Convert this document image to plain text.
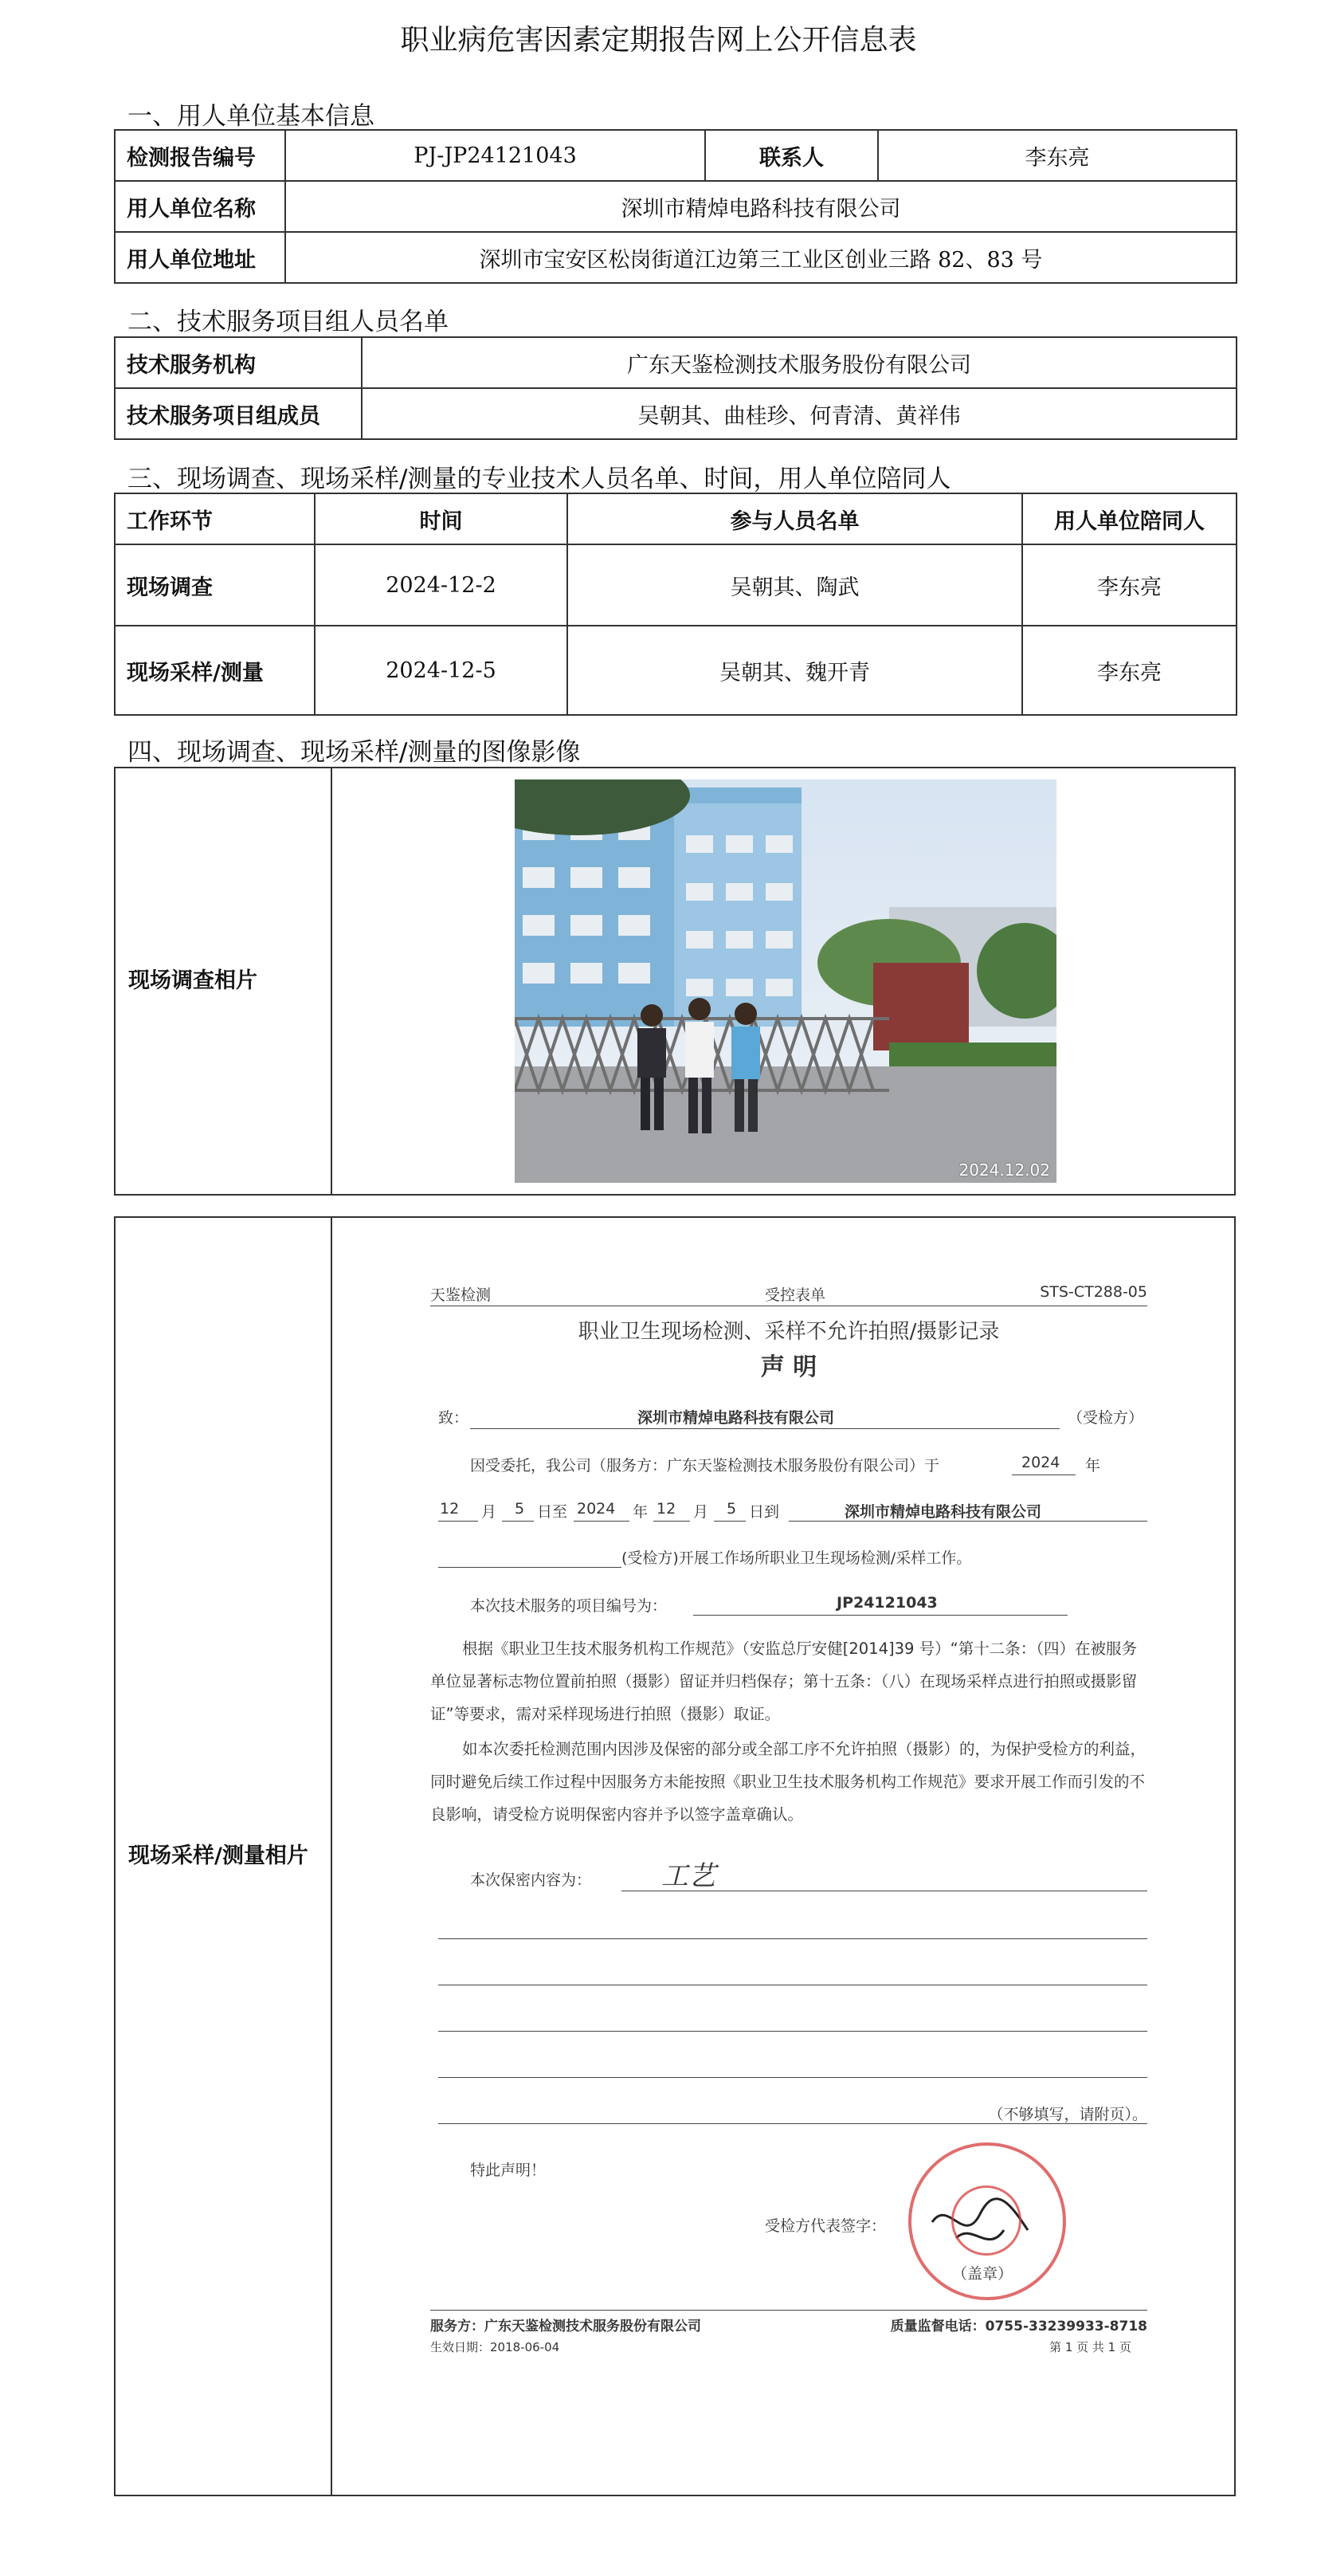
职业病危害因素定期报告网上公开信息表
一、用人单位基本信息
检测报告编号	PJ-JP24121043	联系人	李东亮
用人单位名称	深圳市精焯电路科技有限公司		
用人单位地址	深圳市宝安区松岗街道江边第三工业区创业三路 82、83 号		
二、技术服务项目组人员名单
技术服务机构	广东天鉴检测技术服务股份有限公司
技术服务项目组成员	吴朝其、曲桂珍、何青清、黄祥伟
三、现场调查、现场采样/测量的专业技术人员名单、时间，用人单位陪同人
工作环节	时间	参与人员名单	用人单位陪同人
现场调查	2024-12-2	吴朝其、陶武	李东亮
现场采样/测量	2024-12-5	吴朝其、魏开青	李东亮
四、现场调查、现场采样/测量的图像影像
现场调查相片
2024.12.02
现场采样/测量相片
天鉴检测	受控表单	STS-CT288-05
职业卫生现场检测、采样不允许拍照/摄影记录
声 明
致：	深圳市精焯电路科技有限公司	（受检方）
因受委托，我公司（服务方：广东天鉴检测技术服务股份有限公司）于	2024 年
12 月 5 日至 2024 年 12 月 5 日到	深圳市精焯电路科技有限公司
(受检方)开展工作场所职业卫生现场检测/采样工作。
本次技术服务的项目编号为：	JP24121043
根据《职业卫生技术服务机构工作规范》（安监总厅安健[2014]39 号）“第十二条：（四）在被服务单位显著标志物位置前拍照（摄影）留证并归档保存；第十五条：（八）在现场采样点进行拍照或摄影留证”等要求，需对采样现场进行拍照（摄影）取证。
如本次委托检测范围内因涉及保密的部分或全部工序不允许拍照（摄影）的，为保护受检方的利益，同时避免后续工作过程中因服务方未能按照《职业卫生技术服务机构工作规范》要求开展工作而引发的不良影响，请受检方说明保密内容并予以签字盖章确认。
本次保密内容为：	工艺
（不够填写，请附页）。
特此声明！
受检方代表签字：
（盖章）
服务方：广东天鉴检测技术服务股份有限公司	质量监督电话：0755-33239933-8718
生效日期：2018-06-04	第 1 页 共 1 页
